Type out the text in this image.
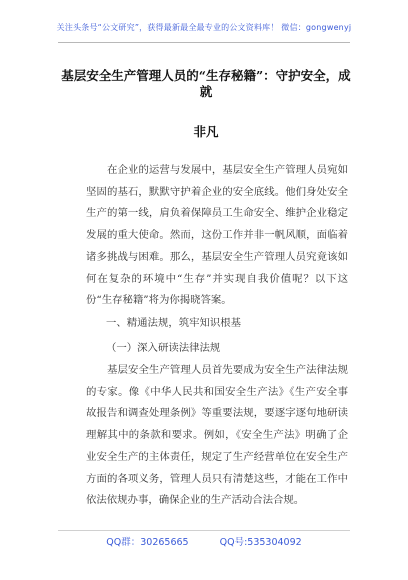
关注头条号“公文研究”，获得最新最全最专业的公文资料库！ 微信：gongwenyj
基层安全生产管理人员的“生存秘籍”：守护安全，成就
非凡
在企业的运营与发展中，基层安全生产管理人员宛如坚固的基石，默默守护着企业的安全底线。他们身处安全生产的第一线，肩负着保障员工生命安全、维护企业稳定发展的重大使命。然而，这份工作并非一帆风顺，面临着诸多挑战与困难。那么，基层安全生产管理人员究竟该如何在复杂的环境中“生存”并实现自我价值呢？以下这份“生存秘籍”将为你揭晓答案。
一、精通法规，筑牢知识根基
（一）深入研读法律法规
基层安全生产管理人员首先要成为安全生产法律法规的专家。像《中华人民共和国安全生产法》《生产安全事故报告和调查处理条例》等重要法规，要逐字逐句地研读理解其中的条款和要求。例如，《安全生产法》明确了企业安全生产的主体责任，规定了生产经营单位在安全生产方面的各项义务，管理人员只有清楚这些，才能在工作中依法依规办事，确保企业的生产活动合法合规。
QQ群：30265665	QQ号:535304092
